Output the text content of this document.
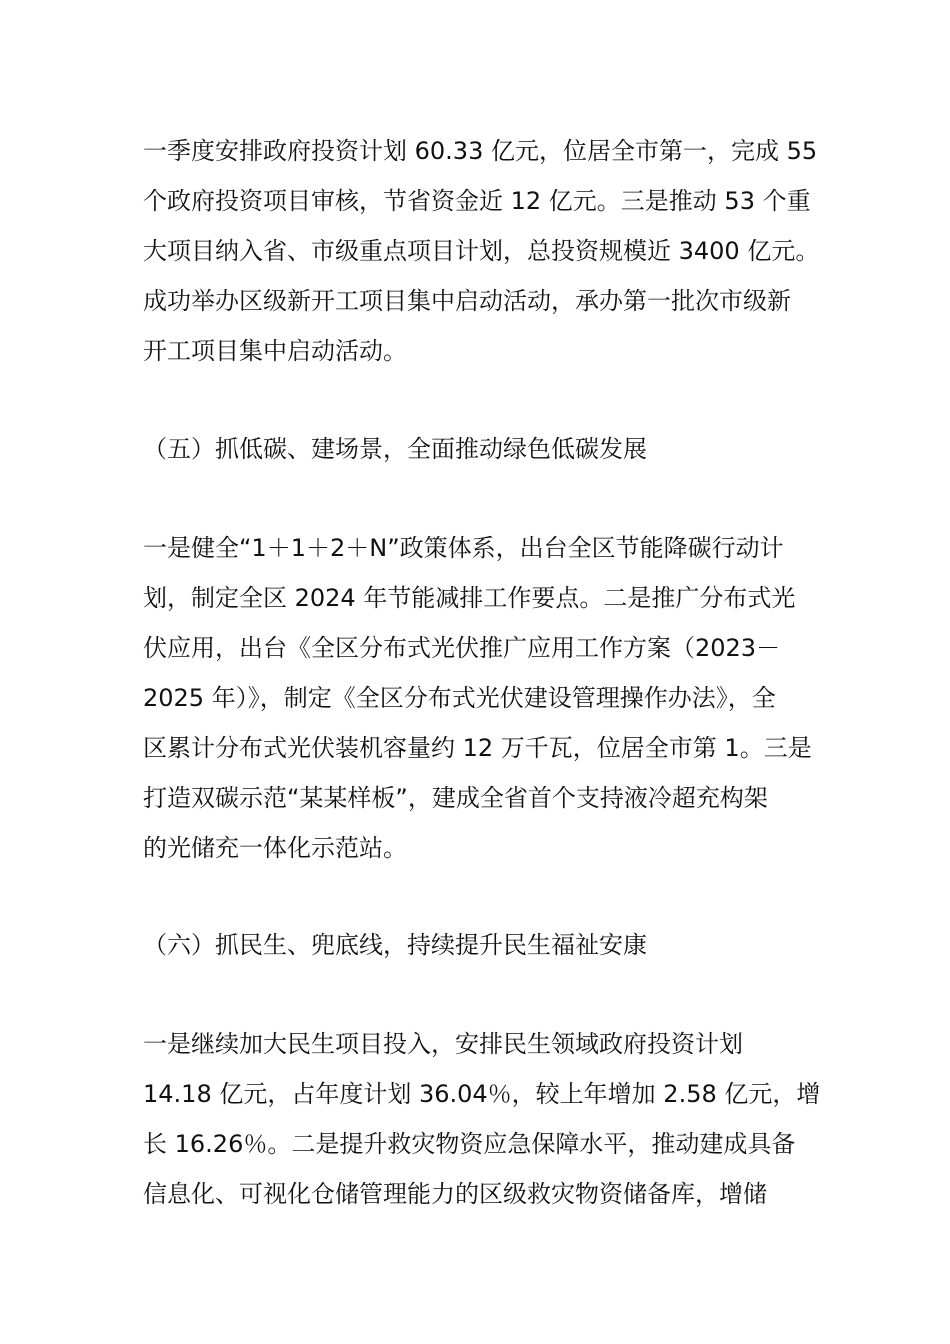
一季度安排政府投资计划 60.33 亿元，位居全市第一，完成 55
个政府投资项目审核，节省资金近 12 亿元。三是推动 53 个重
大项目纳入省、市级重点项目计划，总投资规模近 3400 亿元。
成功举办区级新开工项目集中启动活动，承办第一批次市级新
开工项目集中启动活动。
（五）抓低碳、建场景，全面推动绿色低碳发展
一是健全“1＋1＋2＋N”政策体系，出台全区节能降碳行动计
划，制定全区 2024 年节能减排工作要点。二是推广分布式光
伏应用，出台《全区分布式光伏推广应用工作方案（2023－
2025 年）》，制定《全区分布式光伏建设管理操作办法》，全
区累计分布式光伏装机容量约 12 万千瓦，位居全市第 1。三是
打造双碳示范“某某样板”，建成全省首个支持液冷超充构架
的光储充一体化示范站。
（六）抓民生、兜底线，持续提升民生福祉安康
一是继续加大民生项目投入，安排民生领域政府投资计划
14.18 亿元，占年度计划 36.04％，较上年增加 2.58 亿元，增
长 16.26％。二是提升救灾物资应急保障水平，推动建成具备
信息化、可视化仓储管理能力的区级救灾物资储备库，增储
